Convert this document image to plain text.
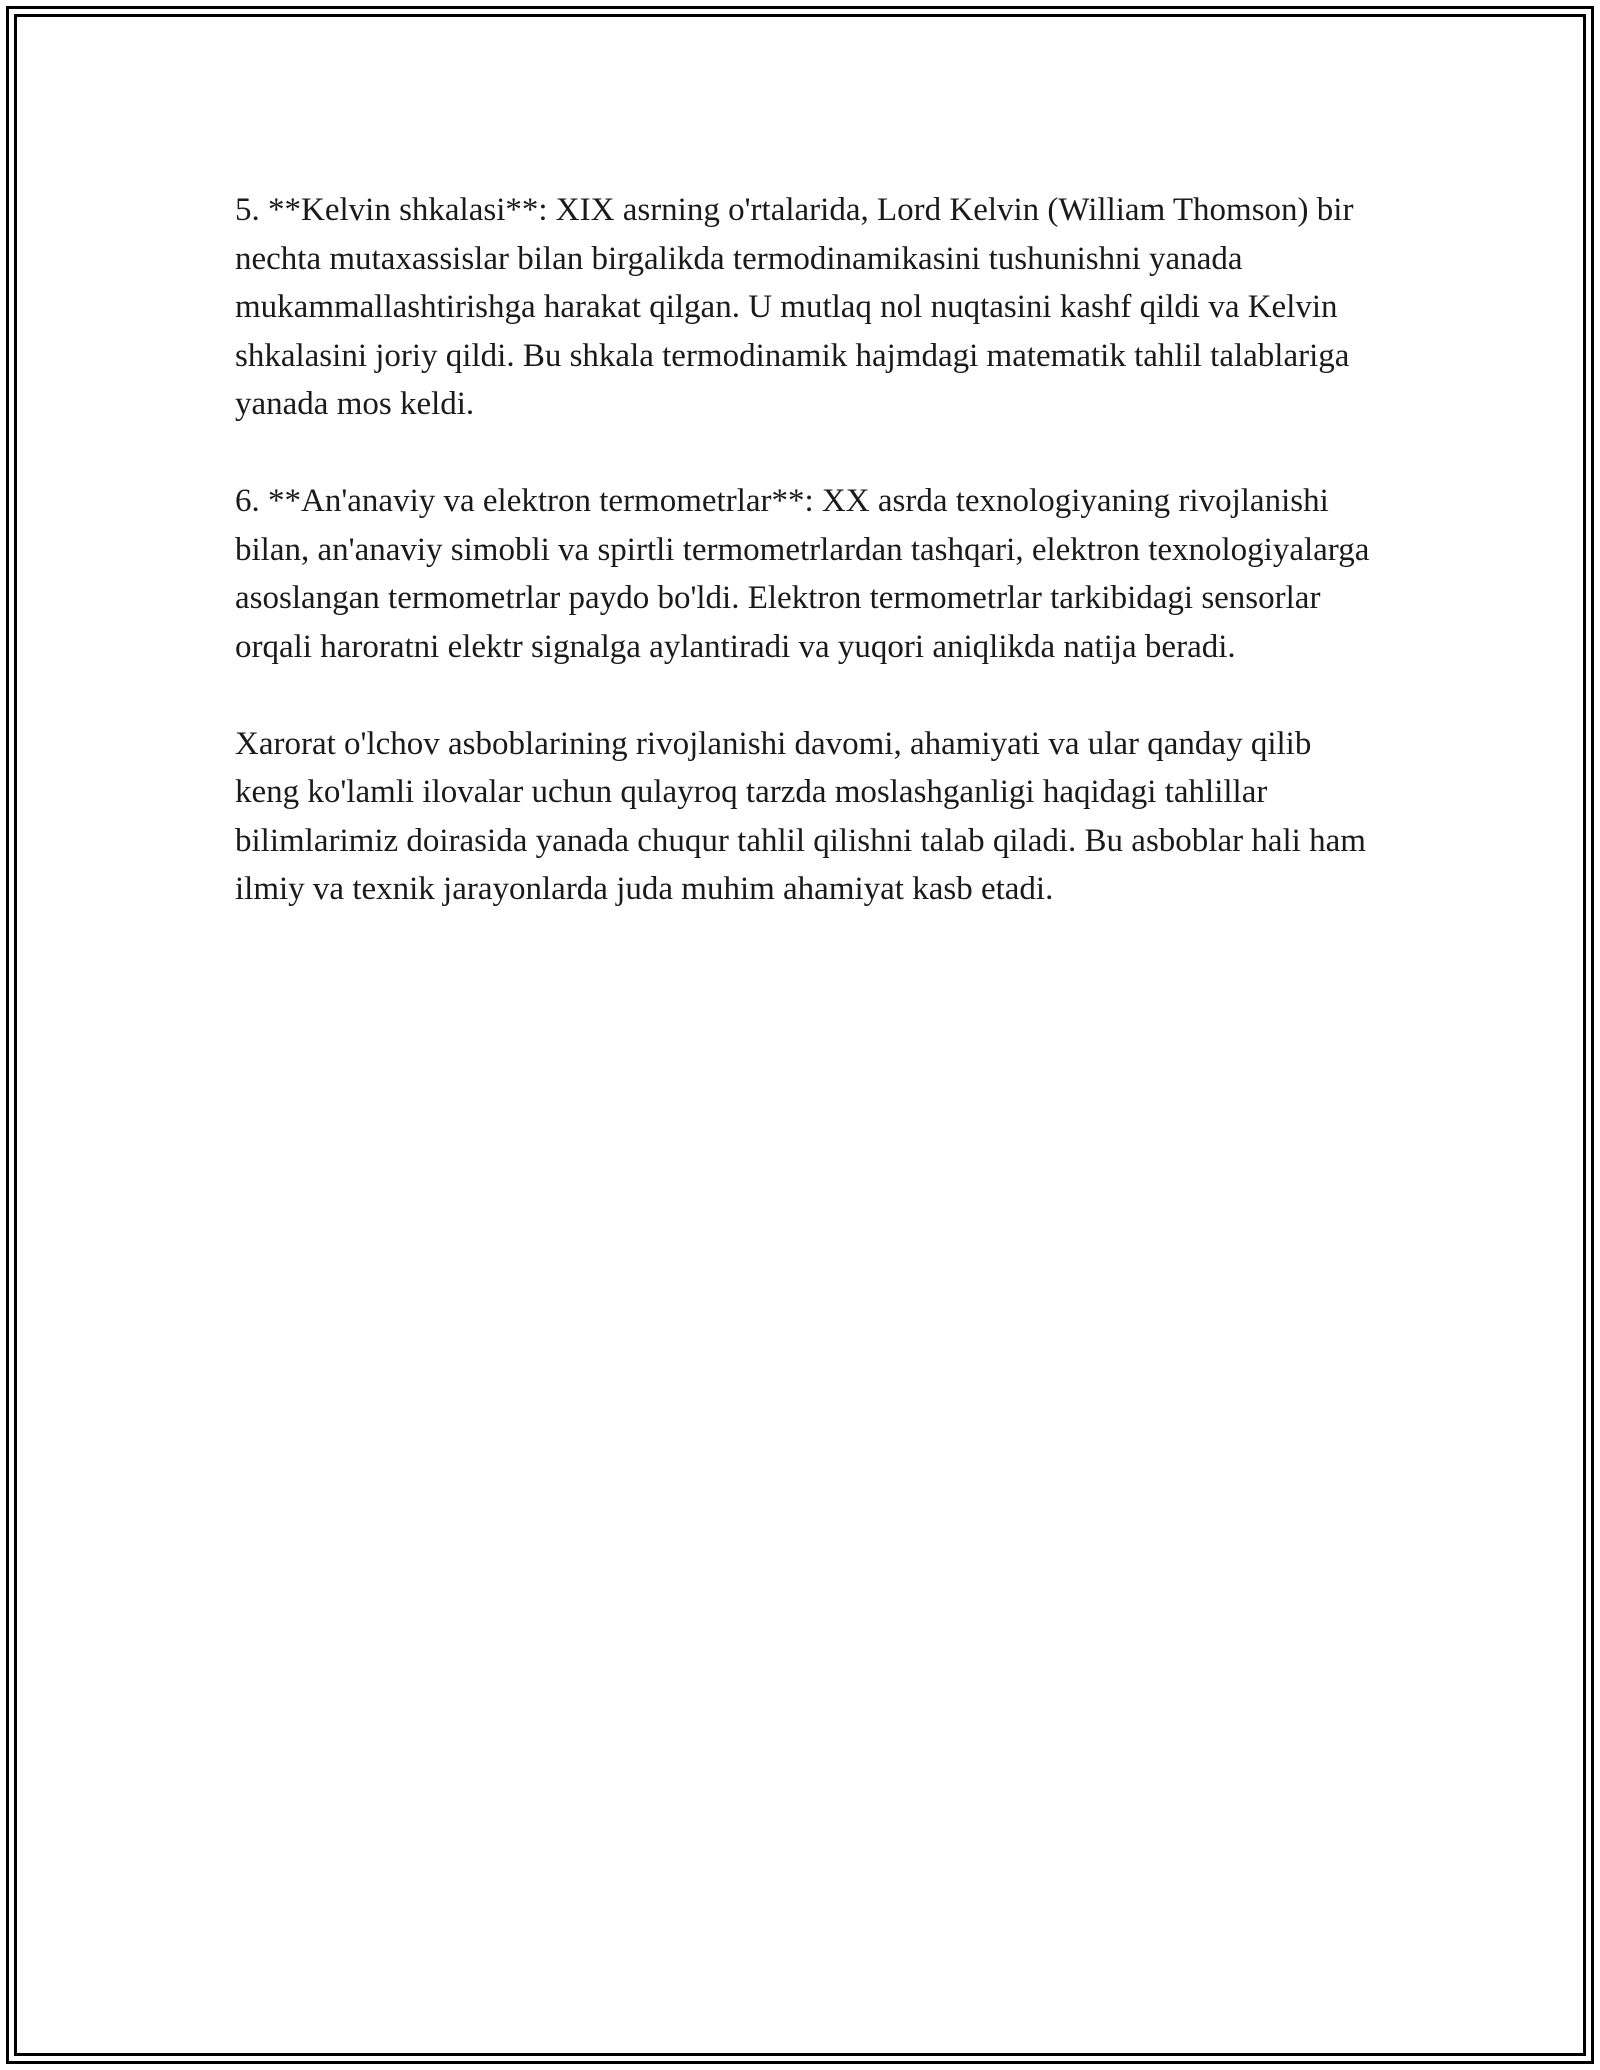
5. **Kelvin shkalasi**: XIX asrning o'rtalarida, Lord Kelvin (William Thomson) bir nechta mutaxassislar bilan birgalikda termodinamikasini tushunishni yanada mukammallashtirishga harakat qilgan. U mutlaq nol nuqtasini kashf qildi va Kelvin shkalasini joriy qildi. Bu shkala termodinamik hajmdagi matematik tahlil talablariga yanada mos keldi.

6. **An'anaviy va elektron termometrlar**: XX asrda texnologiyaning rivojlanishi bilan, an'anaviy simobli va spirtli termometrlardan tashqari, elektron texnologiyalarga asoslangan termometrlar paydo bo'ldi. Elektron termometrlar tarkibidagi sensorlar orqali haroratni elektr signalga aylantiradi va yuqori aniqlikda natija beradi.

Xarorat o'lchov asboblarining rivojlanishi davomi, ahamiyati va ular qanday qilib keng ko'lamli ilovalar uchun qulayroq tarzda moslashganligi haqidagi tahlillar bilimlarimiz doirasida yanada chuqur tahlil qilishni talab qiladi. Bu asboblar hali ham ilmiy va texnik jarayonlarda juda muhim ahamiyat kasb etadi.
